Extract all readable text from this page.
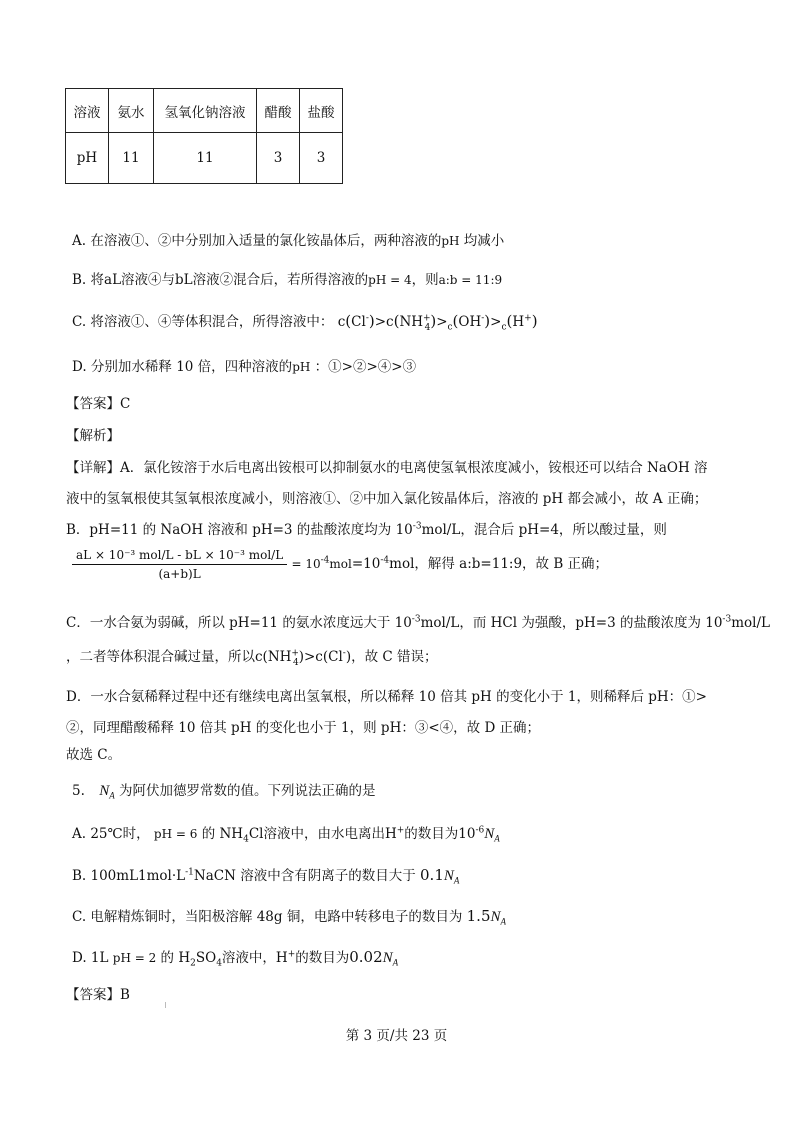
溶液	氨水	氢氧化钠溶液	醋酸	盐酸
pH	11	11	3	3
A. 在溶液①、②中分别加入适量的氯化铵晶体后，两种溶液的pH 均减小
B. 将aL溶液④与bL溶液②混合后，若所得溶液的pH = 4，则a:b = 11:9
C. 将溶液①、④等体积混合，所得溶液中： $c(Cl^-)>c(NH^+_4)>_c(OH^-)>_c(H^+)$
D. 分别加水稀释 10 倍，四种溶液的pH ：①>②>④>③
【答案】C
【解析】
【详解】A．氯化铵溶于水后电离出铵根可以抑制氨水的电离使氢氧根浓度减小，铵根还可以结合 NaOH 溶
液中的氢氧根使其氢氧根浓度减小，则溶液①、②中加入氯化铵晶体后，溶液的 pH 都会减小，故 A 正确；
B．pH=11 的 NaOH 溶液和 pH=3 的盐酸浓度均为 $10^{-3}mol/L$，混合后 pH=4，所以酸过量，则
$\frac{\text{aL × 10⁻³ mol/L - bL × 10⁻³ mol/L}}{(a+b)L} = 10^{-4}mol=10^{-4}mol$，解得 a:b=11:9，故 B 正确；
C．一水合氨为弱碱，所以 pH=11 的氨水浓度远大于 $10^{-3}mol/L$，而 HCl 为强酸，pH=3 的盐酸浓度为 $10^{-3}mol/L$
，二者等体积混合碱过量，所以$c(NH^+_4)>c(Cl^-)$，故 C 错误；
D．一水合氨稀释过程中还有继续电离出氢氧根，所以稀释 10 倍其 pH 的变化小于 1，则稀释后 pH：①>
②，同理醋酸稀释 10 倍其 pH 的变化也小于 1，则 pH：③<④，故 D 正确；
故选 C。
5. $N_A$ 为阿伏加德罗常数的值。下列说法正确的是
A. 25℃时， pH = 6 的 $NH_4Cl$溶液中，由水电离出H+的数目为$10^{-6}N_A$
B. $100mL1mol\cdot L^{-1}NaCN$ 溶液中含有阴离子的数目大于 $0.1N_A$
C. 电解精炼铜时，当阳极溶解 48g 铜，电路中转移电子的数目为 $1.5N_A$
D. 1L pH = 2 的 $H_2SO_4$溶液中，H+的数目为$0.02N_A$
【答案】B
第 3 页/共 23 页
